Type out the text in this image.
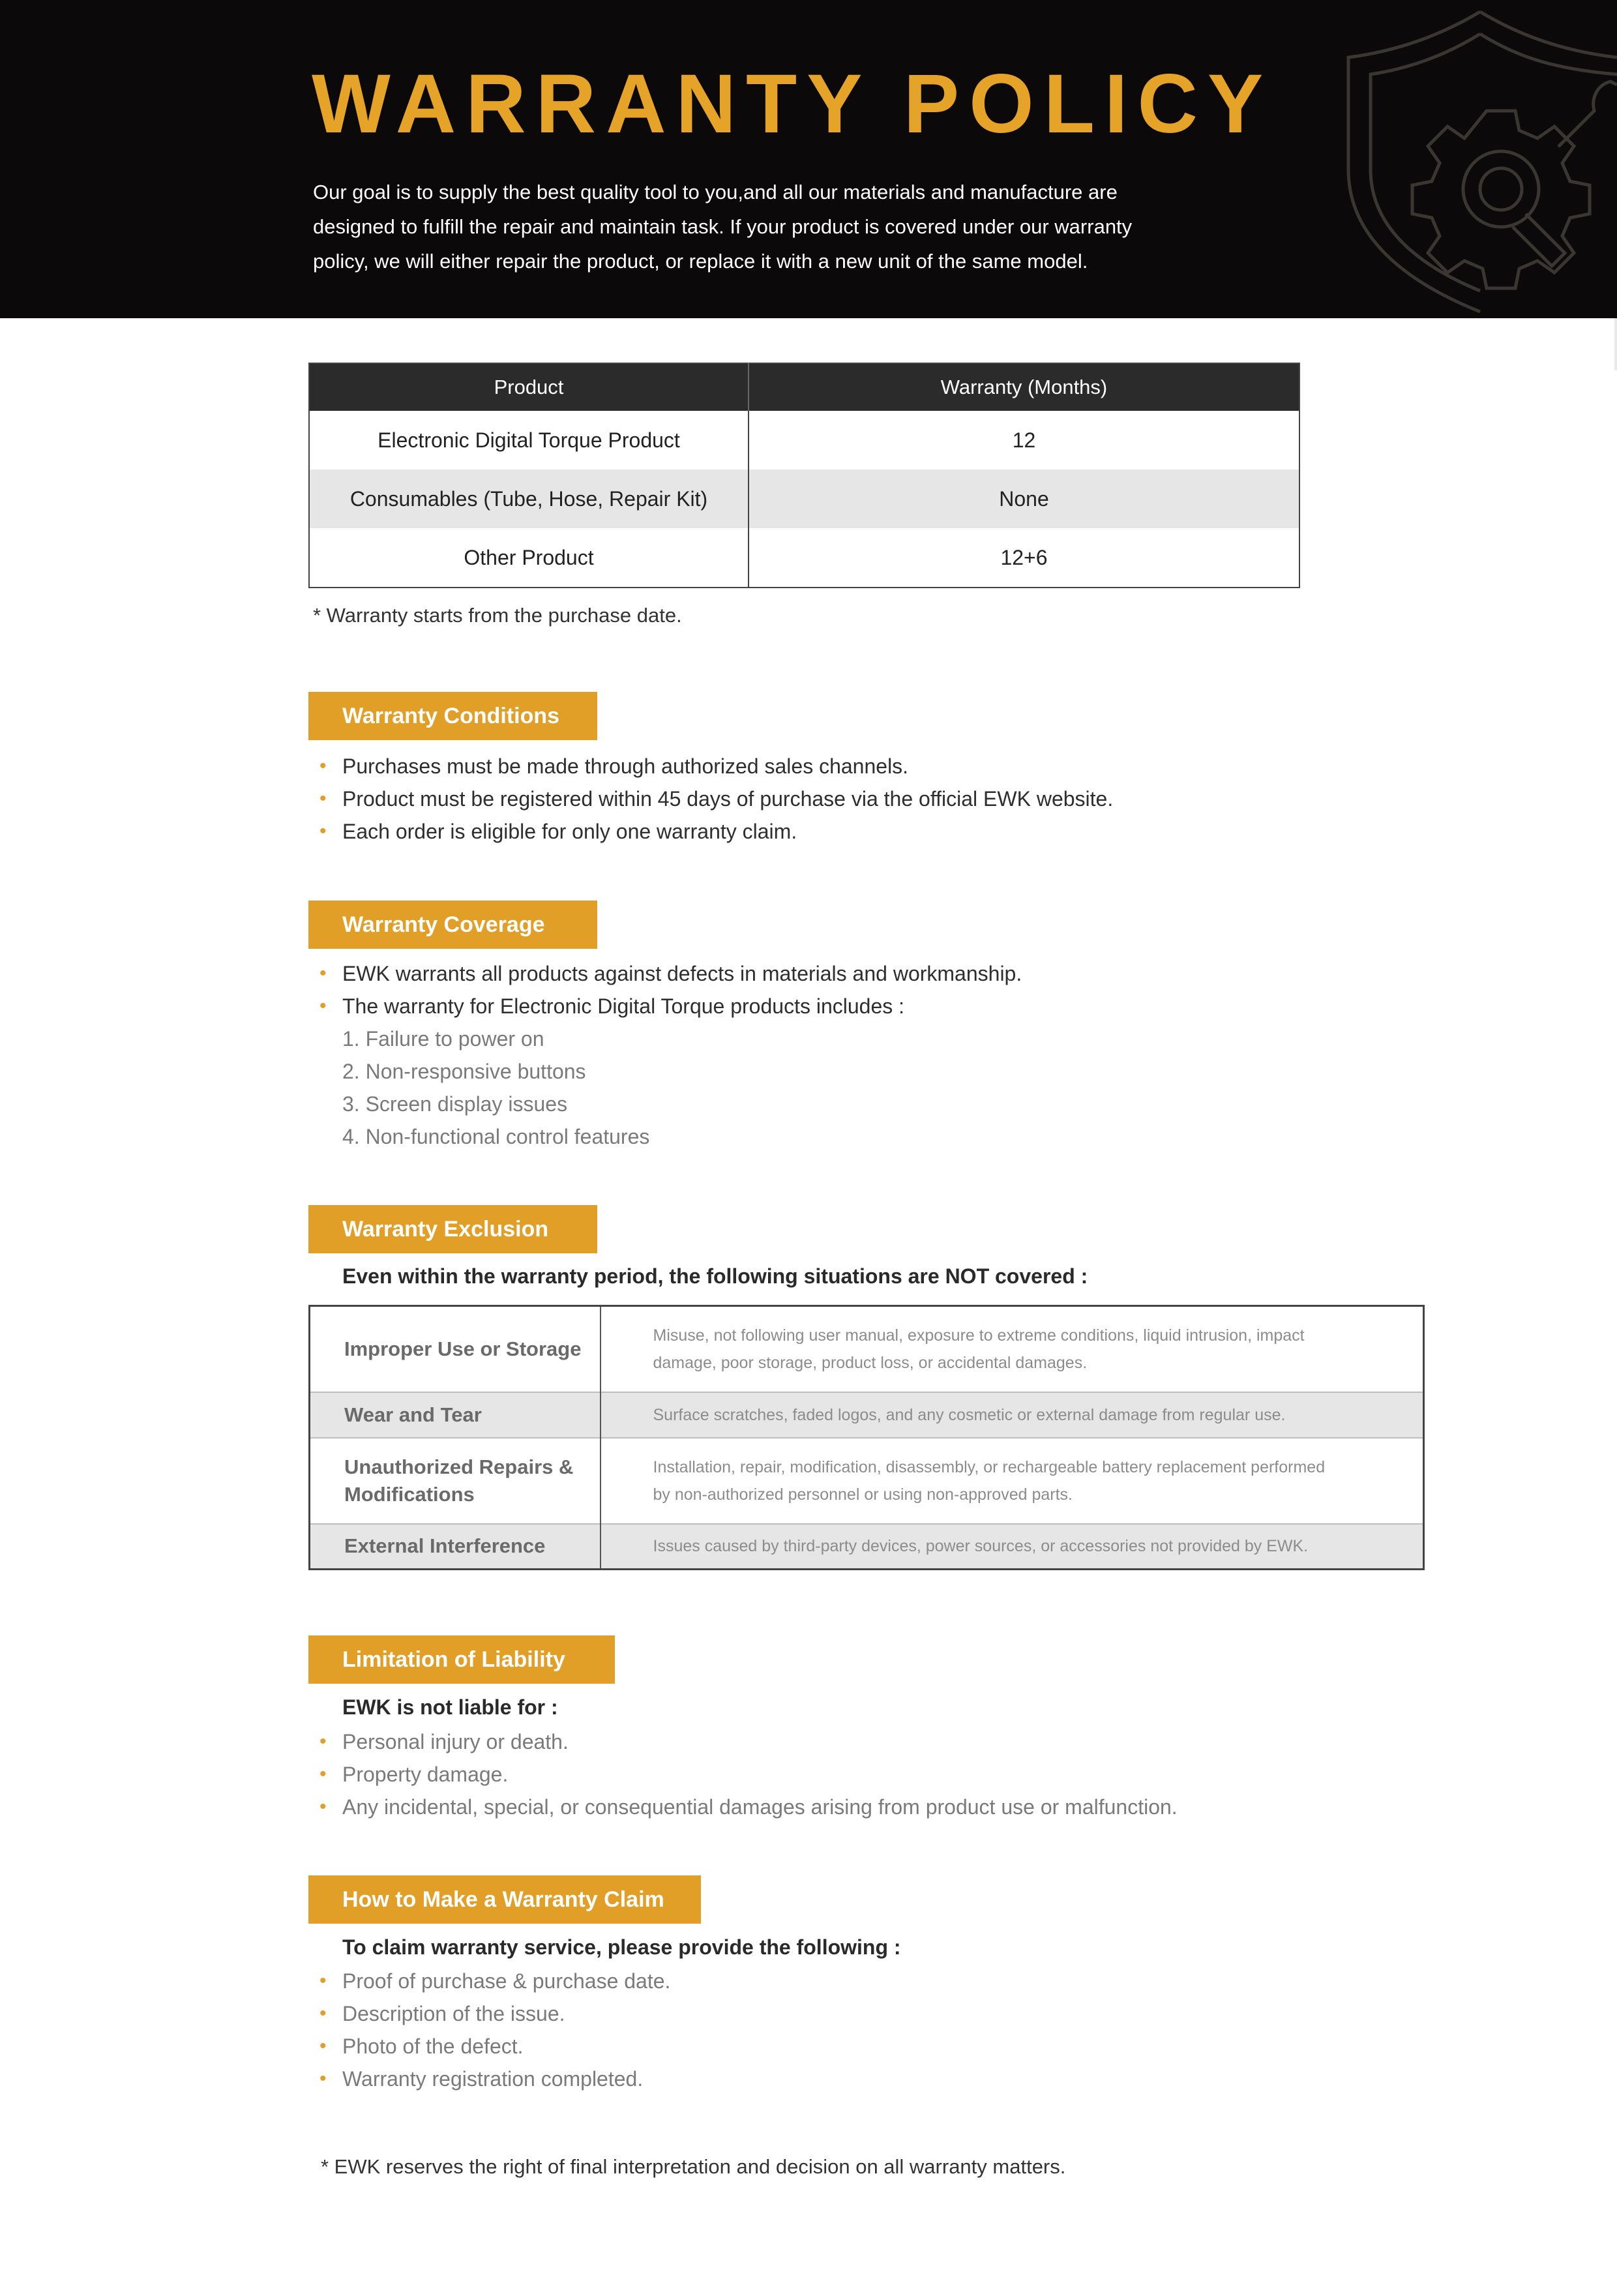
WARRANTY POLICY

Our goal is to supply the best quality tool to you,and all our materials and manufacture are designed to fulfill the repair and maintain task. If your product is covered under our warranty policy, we will either repair the product, or replace it with a new unit of the same model.

Product	Warranty (Months)
Electronic Digital Torque Product	12
Consumables (Tube, Hose, Repair Kit)	None
Other Product	12+6

* Warranty starts from the purchase date.

Warranty Conditions
• Purchases must be made through authorized sales channels.
• Product must be registered within 45 days of purchase via the official EWK website.
• Each order is eligible for only one warranty claim.
Warranty Coverage
• EWK warrants all products against defects in materials and workmanship.
• The warranty for Electronic Digital Torque products includes :
1. Failure to power on
2. Non-responsive buttons
3. Screen display issues
4. Non-functional control features
Warranty Exclusion

Even within the warranty period, the following situations are NOT covered :

Improper Use or Storage	Misuse, not following user manual, exposure to extreme conditions, liquid intrusion, impact damage, poor storage, product loss, or accidental damages.
Wear and Tear	Surface scratches, faded logos, and any cosmetic or external damage from regular use.
Unauthorized Repairs & Modifications	Installation, repair, modification, disassembly, or rechargeable battery replacement performed by non-authorized personnel or using non-approved parts.
External Interference	Issues caused by third-party devices, power sources, or accessories not provided by EWK.
Limitation of Liability

EWK is not liable for :

• Personal injury or death.
• Property damage.
• Any incidental, special, or consequential damages arising from product use or malfunction.
How to Make a Warranty Claim

To claim warranty service, please provide the following :

• Proof of purchase & purchase date.
• Description of the issue.
• Photo of the defect.
• Warranty registration completed.

* EWK reserves the right of final interpretation and decision on all warranty matters.
